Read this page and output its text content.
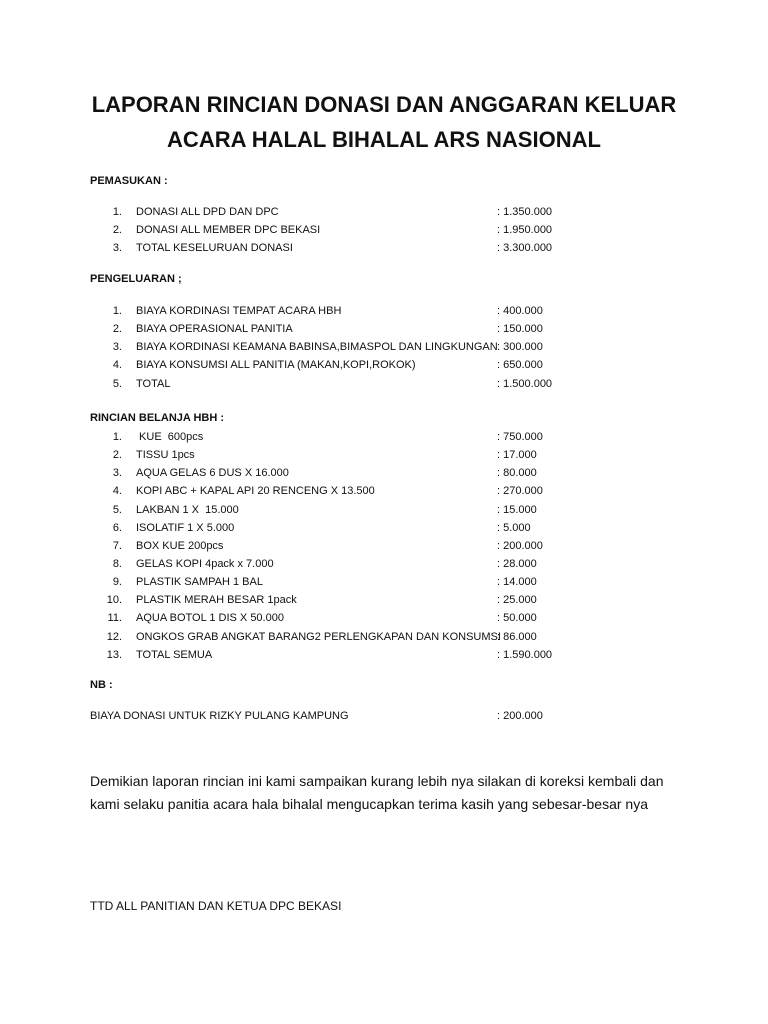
LAPORAN RINCIAN DONASI DAN ANGGARAN KELUAR
ACARA HALAL BIHALAL ARS NASIONAL
PEMASUKAN :
1. DONASI ALL DPD DAN DPC	: 1.350.000
2. DONASI ALL MEMBER DPC BEKASI	: 1.950.000
3. TOTAL KESELURUAN DONASI	: 3.300.000
PENGELUARAN ;
1. BIAYA KORDINASI TEMPAT ACARA HBH	: 400.000
2. BIAYA OPERASIONAL PANITIA	: 150.000
3. BIAYA KORDINASI KEAMANA BABINSA,BIMASPOL DAN LINGKUNGAN : 300.000
4. BIAYA KONSUMSI ALL PANITIA (MAKAN,KOPI,ROKOK)	: 650.000
5. TOTAL	: 1.500.000
RINCIAN BELANJA HBH :
1. KUE  600pcs	: 750.000
2. TISSU 1pcs	: 17.000
3. AQUA GELAS 6 DUS X 16.000	: 80.000
4. KOPI ABC + KAPAL API 20 RENCENG X 13.500	: 270.000
5. LAKBAN 1 X  15.000	: 15.000
6. ISOLATIF 1 X 5.000	: 5.000
7. BOX KUE 200pcs	: 200.000
8. GELAS KOPI 4pack x 7.000	: 28.000
9. PLASTIK SAMPAH 1 BAL	: 14.000
10. PLASTIK MERAH BESAR 1pack	: 25.000
11. AQUA BOTOL 1 DIS X 50.000	: 50.000
12. ONGKOS GRAB ANGKAT BARANG2 PERLENGKAPAN DAN KONSUMSI
: 86.000
13. TOTAL SEMUA	: 1.590.000
NB :
BIAYA DONASI UNTUK RIZKY PULANG KAMPUNG	: 200.000

Demikian laporan rincian ini kami sampaikan kurang lebih nya silakan di koreksi kembali dan

kami selaku panitia acara hala bihalal mengucapkan terima kasih yang sebesar-besar nya

TTD ALL PANITIAN DAN KETUA DPC BEKASI
